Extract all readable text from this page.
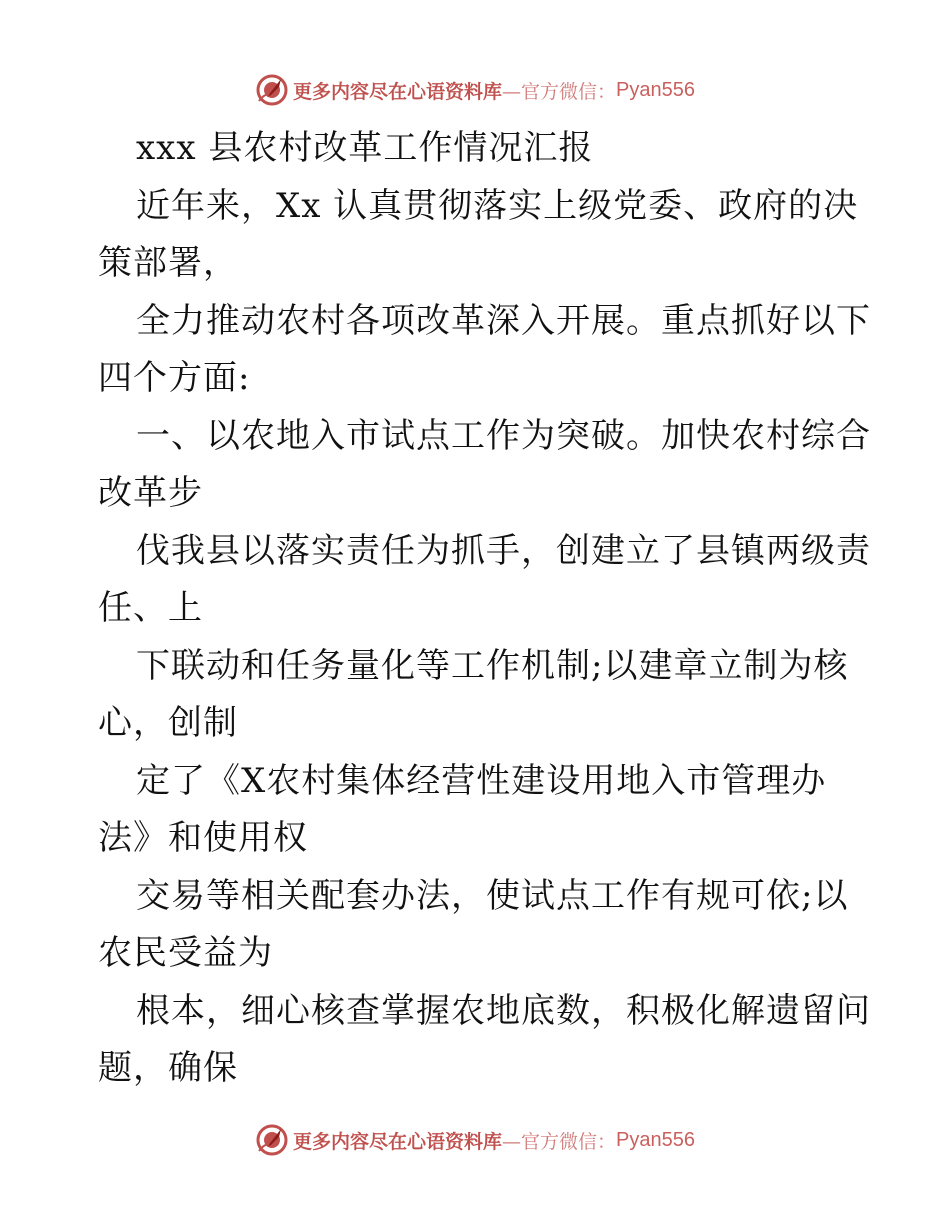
更多内容尽在心语资料库 —官方微信： Pyan556
xxx 县农村改革工作情况汇报
近年来，Xx 认真贯彻落实上级党委、政府的决
策部署，
全力推动农村各项改革深入开展。重点抓好以下
四个方面:
一、以农地入市试点工作为突破。加快农村综合
改革步
伐我县以落实责任为抓手，创建立了县镇两级责
任、上
下联动和任务量化等工作机制;以建章立制为核
心，创制
定了《X农村集体经营性建设用地入市管理办
法》和使用权
交易等相关配套办法，使试点工作有规可依;以
农民受益为
根本，细心核查掌握农地底数，积极化解遗留问
题，确保
更多内容尽在心语资料库 —官方微信： Pyan556
